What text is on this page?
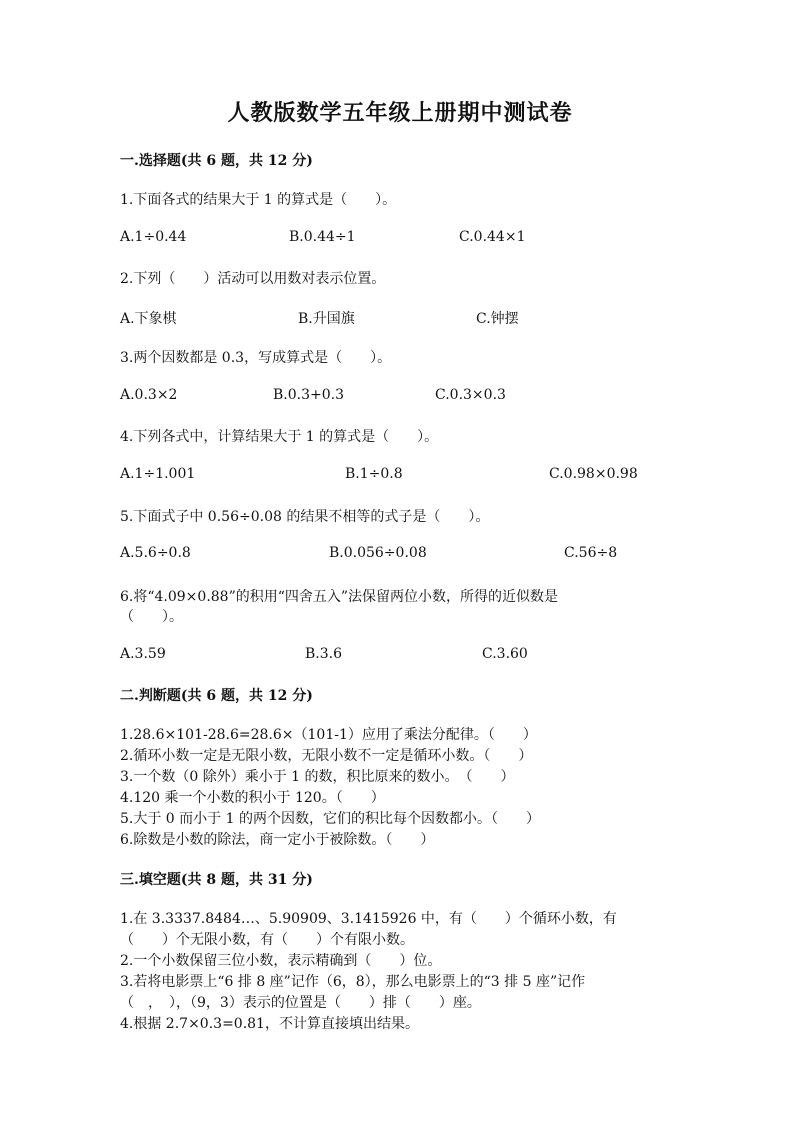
人教版数学五年级上册期中测试卷
一.选择题(共 6 题，共 12 分)
1.下面各式的结果大于 1 的算式是（　　）。
A.1÷0.44	B.0.44÷1	C.0.44×1
2.下列（　　）活动可以用数对表示位置。
A.下象棋	B.升国旗	C.钟摆
3.两个因数都是 0.3，写成算式是（　　）。
A.0.3×2	B.0.3+0.3	C.0.3×0.3
4.下列各式中，计算结果大于 1 的算式是（　　）。
A.1÷1.001	B.1÷0.8	C.0.98×0.98
5.下面式子中 0.56÷0.08 的结果不相等的式子是（　　）。
A.5.6÷0.8	B.0.056÷0.08	C.56÷8
6.将“4.09×0.88”的积用“四舍五入”法保留两位小数，所得的近似数是
（　　）。
A.3.59	B.3.6	C.3.60
二.判断题(共 6 题，共 12 分)
1.28.6×101-28.6=28.6×（101-1）应用了乘法分配律。（　　）
2.循环小数一定是无限小数，无限小数不一定是循环小数。（　　）
3.一个数（0 除外）乘小于 1 的数，积比原来的数小。　（　　）
4.120 乘一个小数的积小于 120。（　　）
5.大于 0 而小于 1 的两个因数，它们的积比每个因数都小。（　　）
6.除数是小数的除法，商一定小于被除数。（　　）
三.填空题(共 8 题，共 31 分)
1.在 3.3337.8484…、5.90909、3.1415926 中，有（　　）个循环小数，有
（　　）个无限小数，有（　　）个有限小数。
2.一个小数保留三位小数，表示精确到（　　）位。
3.若将电影票上“6 排 8 座”记作（6，8），那么电影票上的“3 排 5 座”记作
（　，　），（9，3）表示的位置是（　　）排（　　）座。
4.根据 2.7×0.3=0.81，不计算直接填出结果。
